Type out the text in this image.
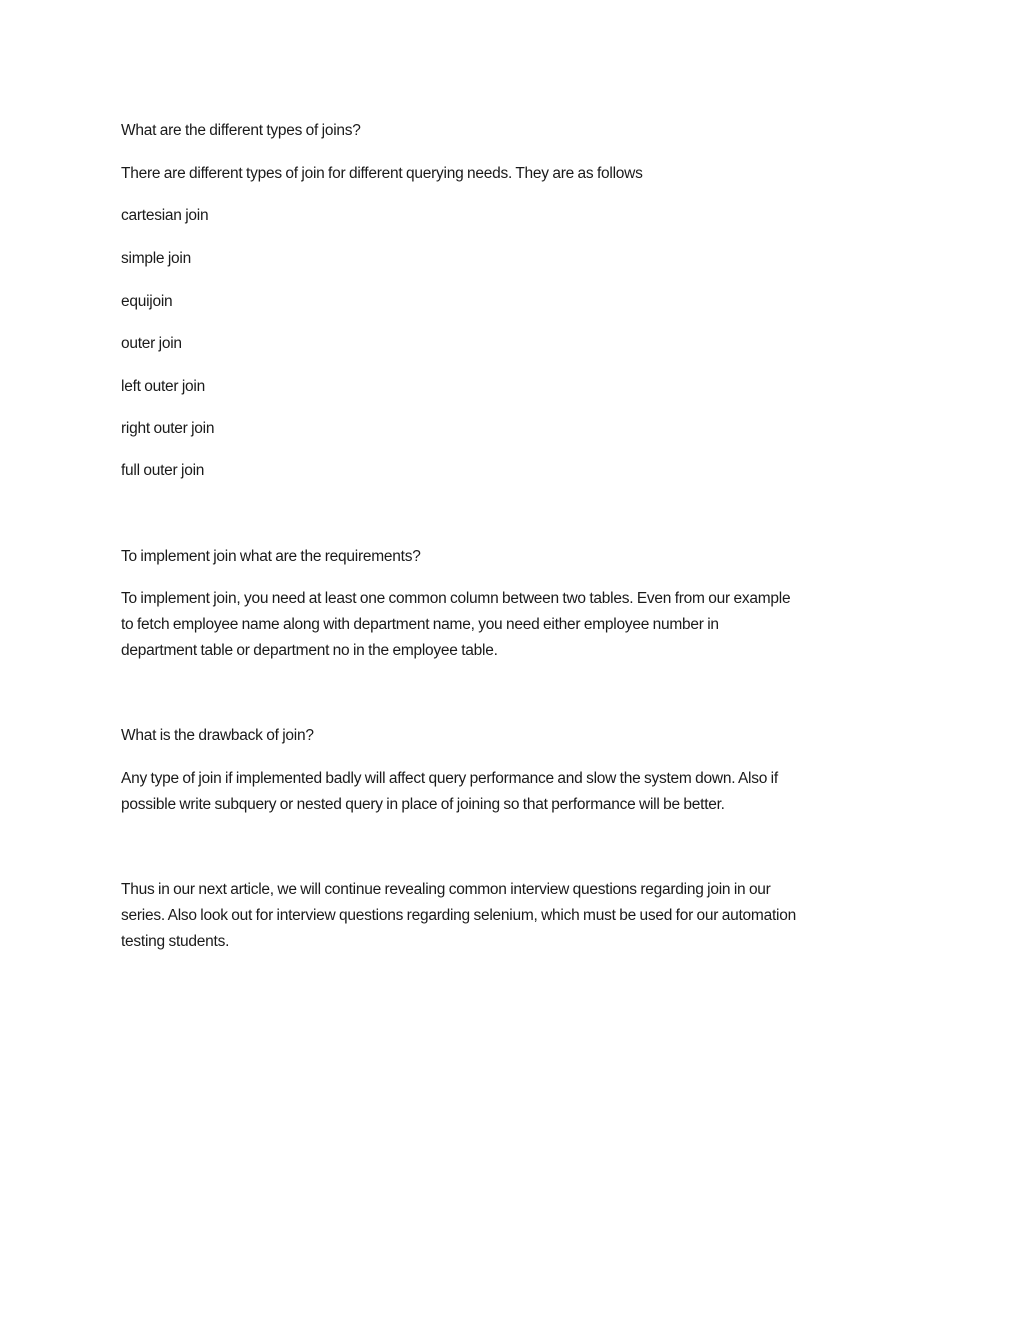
What are the different types of joins?

There are different types of join for different querying needs. They are as follows

cartesian join

simple join

equijoin

outer join

left outer join

right outer join

full outer join

To implement join what are the requirements?

To implement join, you need at least one common column between two tables. Even from our example
to fetch employee name along with department name, you need either employee number in
department table or department no in the employee table.

What is the drawback of join?

Any type of join if implemented badly will affect query performance and slow the system down. Also if
possible write subquery or nested query in place of joining so that performance will be better.
Thus in our next article, we will continue revealing common interview questions regarding join in our
series. Also look out for interview questions regarding selenium, which must be used for our automation
testing students.
